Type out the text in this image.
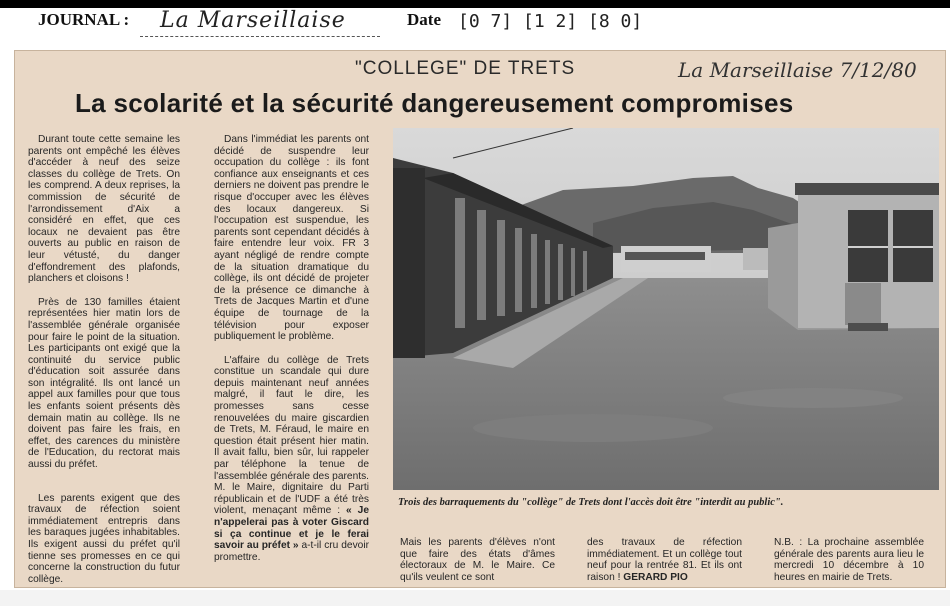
JOURNAL : La Marseillaise	Date [0 7] [1 2] [8 0]
"COLLEGE" DE TRETS	La Marseillaise 7/12/80
La scolarité et la sécurité dangereusement compromises

Durant toute cette semaine les parents ont empêché les élèves d'accéder à neuf des seize classes du collège de Trets. On les comprend. A deux reprises, la commission de sécurité de l'arrondissement d'Aix a considéré en effet, que ces locaux ne devaient pas être ouverts au public en raison de leur vétusté, du danger d'effondrement des plafonds, planchers et cloisons !

Près de 130 familles étaient représentées hier matin lors de l'assemblée générale organisée pour faire le point de la situation. Les participants ont exigé que la continuité du service public d'éducation soit assurée dans son intégralité. Ils ont lancé un appel aux familles pour que tous les enfants soient présents dès demain matin au collège. Ils ne doivent pas faire les frais, en effet, des carences du ministère de l'Education, du rectorat mais aussi du préfet.

Les parents exigent que des travaux de réfection soient immédiatement entrepris dans les baraques jugées inhabitables. Ils exigent aussi du préfet qu'il tienne ses promesses en ce qui concerne la construction du futur collège.

Dans l'immédiat les parents ont décidé de suspendre leur occupation du collège : ils font confiance aux enseignants et ces derniers ne doivent pas prendre le risque d'occuper avec les élèves des locaux dangereux. Si l'occupation est suspendue, les parents sont cependant décidés à faire entendre leur voix. FR 3 ayant négligé de rendre compte de la situation dramatique du collège, ils ont décidé de projeter de la présence ce dimanche à Trets de Jacques Martin et d'une équipe de tournage de la télévision pour exposer publiquement le problème.

L'affaire du collège de Trets constitue un scandale qui dure depuis maintenant neuf années malgré, il faut le dire, les promesses sans cesse renouvelées du maire giscardien de Trets, M. Féraud, le maire en question était présent hier matin. Il avait fallu, bien sûr, lui rappeler par téléphone la tenue de l'assemblée générale des parents. M. le Maire, dignitaire du Parti républicain et de l'UDF a été très violent, menaçant même : « Je n'appelerai pas à voter Giscard si ça continue et je le ferai savoir au préfet » a-t-il cru devoir promettre.

Trois des barraquements du "collège" de Trets dont l'accès doit être "interdit au public".
Mais les parents d'élèves n'ont que faire des états d'âmes électoraux de M. le Maire. Ce qu'ils veulent ce sont
des travaux de réfection immédiatement. Et un collège tout neuf pour la rentrée 81. Et ils ont raison ! GERARD PIO
N.B. : La prochaine assemblée générale des parents aura lieu le mercredi 10 décembre à 10 heures en mairie de Trets.
